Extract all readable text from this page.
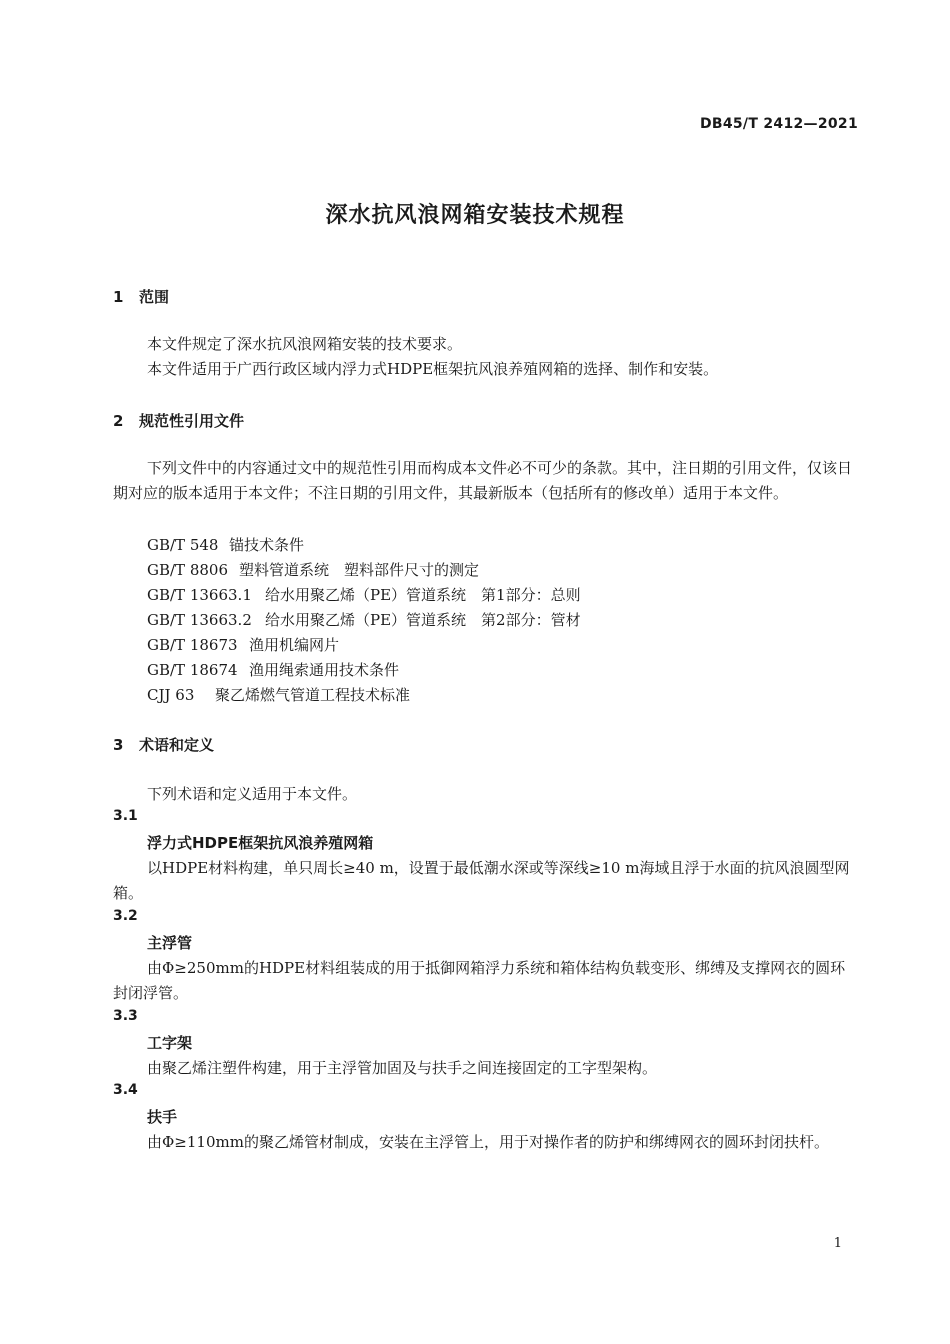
DB45/T 2412—2021
深水抗风浪网箱安装技术规程
1 范围
本文件规定了深水抗风浪网箱安装的技术要求。
本文件适用于广西行政区域内浮力式HDPE框架抗风浪养殖网箱的选择、制作和安装。
2 规范性引用文件
下列文件中的内容通过文中的规范性引用而构成本文件必不可少的条款。其中，注日期的引用文件，仅该日期对应的版本适用于本文件；不注日期的引用文件，其最新版本（包括所有的修改单）适用于本文件。
GB/T 548 锚技术条件
GB/T 8806 塑料管道系统　塑料部件尺寸的测定
GB/T 13663.1 给水用聚乙烯（PE）管道系统　第1部分：总则
GB/T 13663.2 给水用聚乙烯（PE）管道系统　第2部分：管材
GB/T 18673 渔用机编网片
GB/T 18674 渔用绳索通用技术条件
CJJ 63 聚乙烯燃气管道工程技术标准
3 术语和定义
下列术语和定义适用于本文件。
3.1
浮力式HDPE框架抗风浪养殖网箱
以HDPE材料构建，单只周长≥40 m，设置于最低潮水深或等深线≥10 m海域且浮于水面的抗风浪圆型网箱。
3.2
主浮管
由Φ≥250mm的HDPE材料组装成的用于抵御网箱浮力系统和箱体结构负载变形、绑缚及支撑网衣的圆环封闭浮管。
3.3
工字架
由聚乙烯注塑件构建，用于主浮管加固及与扶手之间连接固定的工字型架构。
3.4
扶手
由Φ≥110mm的聚乙烯管材制成，安装在主浮管上，用于对操作者的防护和绑缚网衣的圆环封闭扶杆。
1
